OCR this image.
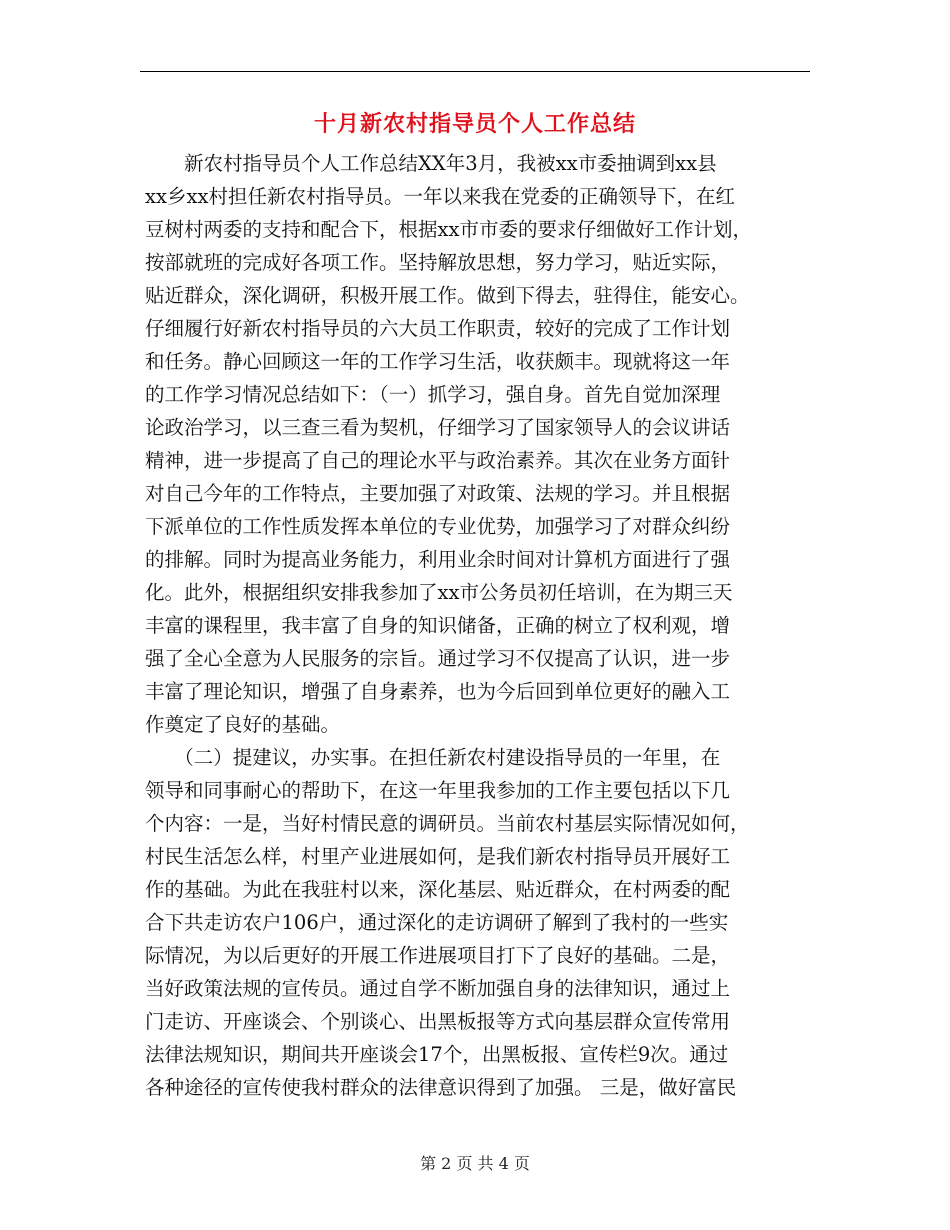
十月新农村指导员个人工作总结
　　新农村指导员个人工作总结XX年3月，我被xx市委抽调到xx县
xx乡xx村担任新农村指导员。一年以来我在党委的正确领导下，在红
豆树村两委的支持和配合下，根据xx市市委的要求仔细做好工作计划，
按部就班的完成好各项工作。坚持解放思想，努力学习，贴近实际，
贴近群众，深化调研，积极开展工作。做到下得去，驻得住，能安心。
仔细履行好新农村指导员的六大员工作职责，较好的完成了工作计划
和任务。静心回顾这一年的工作学习生活，收获颇丰。现就将这一年
的工作学习情况总结如下：（一）抓学习，强自身。首先自觉加深理
论政治学习，以三查三看为契机，仔细学习了国家领导人的会议讲话
精神，进一步提高了自己的理论水平与政治素养。其次在业务方面针
对自己今年的工作特点，主要加强了对政策、法规的学习。并且根据
下派单位的工作性质发挥本单位的专业优势，加强学习了对群众纠纷
的排解。同时为提高业务能力，利用业余时间对计算机方面进行了强
化。此外，根据组织安排我参加了xx市公务员初任培训，在为期三天
丰富的课程里，我丰富了自身的知识储备，正确的树立了权利观，增
强了全心全意为人民服务的宗旨。通过学习不仅提高了认识，进一步
丰富了理论知识，增强了自身素养，也为今后回到单位更好的融入工
作奠定了良好的基础。
　　（二）提建议，办实事。在担任新农村建设指导员的一年里，在
领导和同事耐心的帮助下，在这一年里我参加的工作主要包括以下几
个内容：一是，当好村情民意的调研员。当前农村基层实际情况如何，
村民生活怎么样，村里产业进展如何，是我们新农村指导员开展好工
作的基础。为此在我驻村以来，深化基层、贴近群众，在村两委的配
合下共走访农户106户，通过深化的走访调研了解到了我村的一些实
际情况，为以后更好的开展工作进展项目打下了良好的基础。二是，
当好政策法规的宣传员。通过自学不断加强自身的法律知识，通过上
门走访、开座谈会、个别谈心、出黑板报等方式向基层群众宣传常用
法律法规知识，期间共开座谈会17个，出黑板报、宣传栏9次。通过
各种途径的宣传使我村群众的法律意识得到了加强。 三是，做好富民
第 2 页 共 4 页
